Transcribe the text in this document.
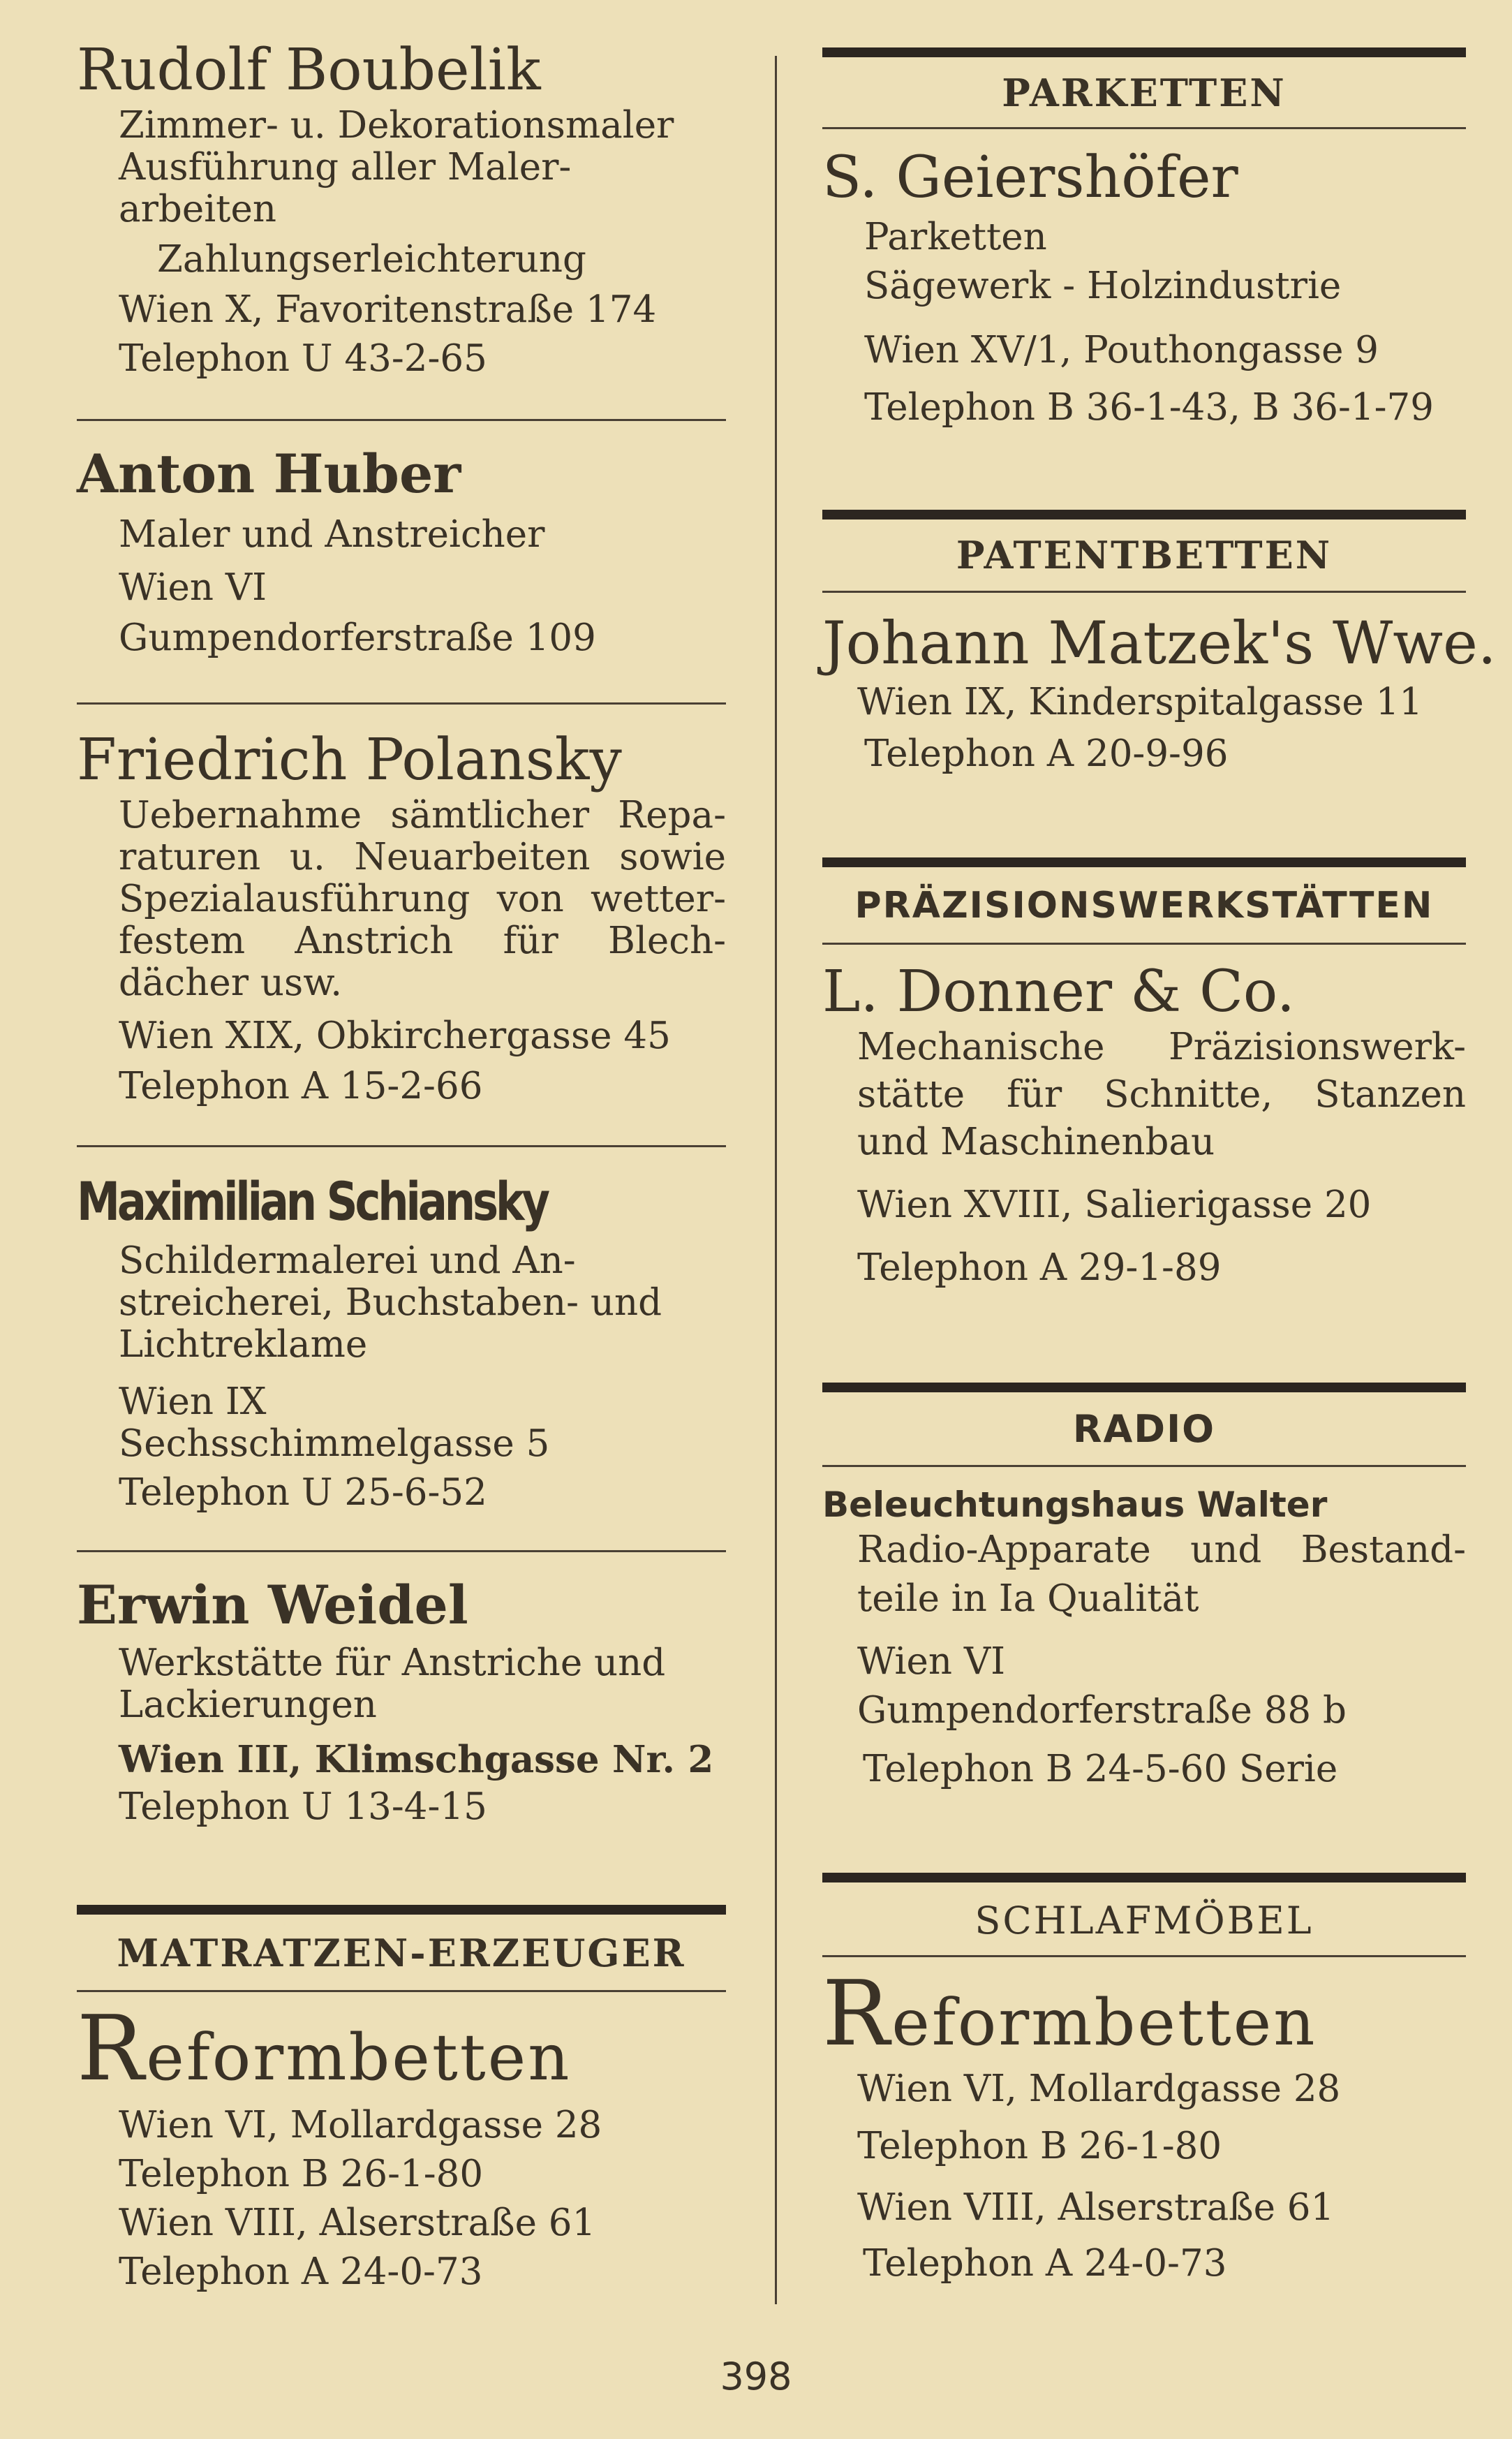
Rudolf Boubelik
Zimmer- u. Dekorationsmaler
Ausführung aller Maler-
arbeiten
Zahlungserleichterung
Wien X, Favoritenstraße 174
Telephon U 43-2-65
Anton Huber
Maler und Anstreicher
Wien VI
Gumpendorferstraße 109
Friedrich Polansky
Uebernahme sämtlicher Repa-
raturen u. Neuarbeiten sowie
Spezialausführung von wetter-
festem Anstrich für Blech-
dächer usw.
Wien XIX, Obkirchergasse 45
Telephon A 15-2-66
Maximilian Schiansky
Schildermalerei und An-
streicherei, Buchstaben- und
Lichtreklame
Wien IX
Sechsschimmelgasse 5
Telephon U 25-6-52
Erwin Weidel
Werkstätte für Anstriche und
Lackierungen
Wien III, Klimschgasse Nr. 2
Telephon U 13-4-15
MATRATZEN-ERZEUGER
Reformbetten
Wien VI, Mollardgasse 28
Telephon B 26-1-80
Wien VIII, Alserstraße 61
Telephon A 24-0-73
PARKETTEN
S. Geiershöfer
Parketten
Sägewerk - Holzindustrie
Wien XV/1, Pouthongasse 9
Telephon B 36-1-43, B 36-1-79
PATENTBETTEN
Johann Matzek's Wwe.
Wien IX, Kinderspitalgasse 11
Telephon A 20-9-96
PRÄZISIONSWERKSTÄTTEN
L. Donner & Co.
Mechanische Präzisionswerk-
stätte für Schnitte, Stanzen
und Maschinenbau
Wien XVIII, Salierigasse 20
Telephon A 29-1-89
RADIO
Beleuchtungshaus Walter
Radio-Apparate und Bestand-
teile in Ia Qualität
Wien VI
Gumpendorferstraße 88 b
Telephon B 24-5-60 Serie
SCHLAFMÖBEL
Reformbetten
Wien VI, Mollardgasse 28
Telephon B 26-1-80
Wien VIII, Alserstraße 61
Telephon A 24-0-73
398
